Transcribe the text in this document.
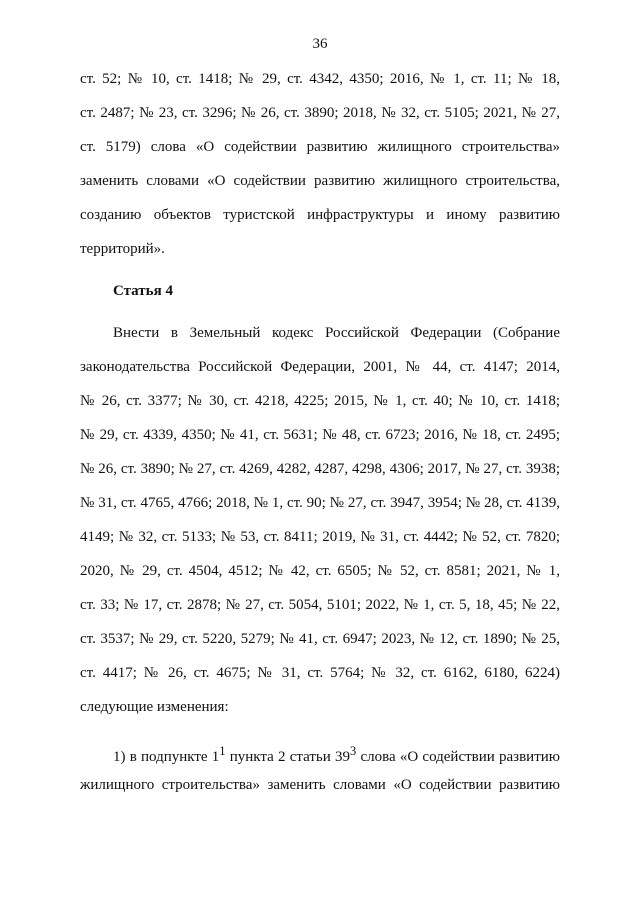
36
ст. 52; № 10, ст. 1418; № 29, ст. 4342, 4350; 2016, № 1, ст. 11; № 18,
ст. 2487; № 23, ст. 3296; № 26, ст. 3890; 2018, № 32, ст. 5105; 2021, № 27,
ст. 5179) слова «О содействии развитию жилищного строительства»
заменить словами «О содействии развитию жилищного строительства,
созданию объектов туристской инфраструктуры и иному развитию
территорий».
Статья 4
Внести в Земельный кодекс Российской Федерации (Собрание
законодательства Российской Федерации, 2001, № 44, ст. 4147; 2014,
№ 26, ст. 3377; № 30, ст. 4218, 4225; 2015, № 1, ст. 40; № 10, ст. 1418;
№ 29, ст. 4339, 4350; № 41, ст. 5631; № 48, ст. 6723; 2016, № 18, ст. 2495;
№ 26, ст. 3890; № 27, ст. 4269, 4282, 4287, 4298, 4306; 2017, № 27, ст. 3938;
№ 31, ст. 4765, 4766; 2018, № 1, ст. 90; № 27, ст. 3947, 3954; № 28, ст. 4139,
4149; № 32, ст. 5133; № 53, ст. 8411; 2019, № 31, ст. 4442; № 52, ст. 7820;
2020, № 29, ст. 4504, 4512; № 42, ст. 6505; № 52, ст. 8581; 2021, № 1,
ст. 33; № 17, ст. 2878; № 27, ст. 5054, 5101; 2022, № 1, ст. 5, 18, 45; № 22,
ст. 3537; № 29, ст. 5220, 5279; № 41, ст. 6947; 2023, № 12, ст. 1890; № 25,
ст. 4417; № 26, ст. 4675; № 31, ст. 5764; № 32, ст. 6162, 6180, 6224)
следующие изменения:
1) в подпункте $1^1$ пункта 2 статьи $39^3$ слова «О содействии развитию
жилищного строительства» заменить словами «О содействии развитию
